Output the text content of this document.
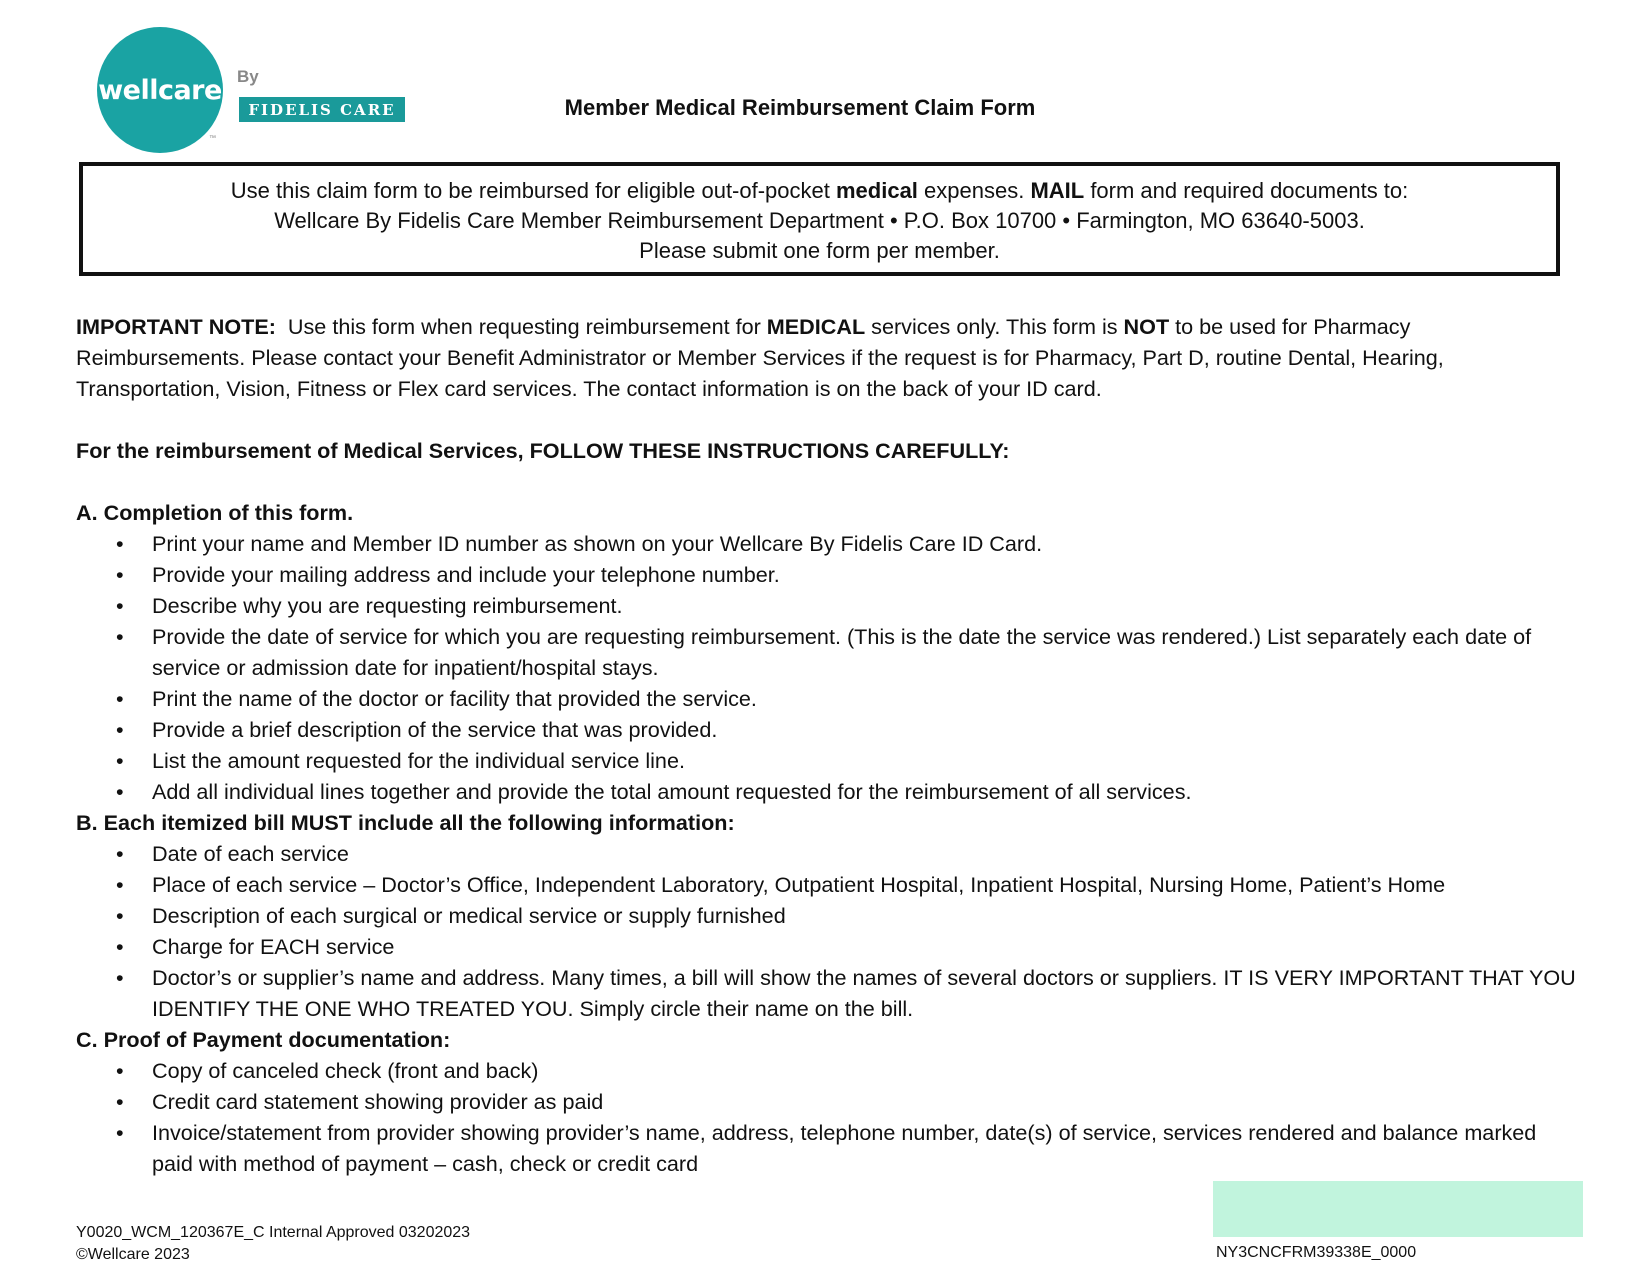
wellcare
™
By
FIDELIS CARE	Member Medical Reimbursement Claim Form
Use this claim form to be reimbursed for eligible out-of-pocket medical expenses. MAIL form and required documents to:
Wellcare By Fidelis Care Member Reimbursement Department • P.O. Box 10700 • Farmington, MO 63640-5003.
Please submit one form per member.

IMPORTANT NOTE:  Use this form when requesting reimbursement for MEDICAL services only. This form is NOT to be used for Pharmacy Reimbursements. Please contact your Benefit Administrator or Member Services if the request is for Pharmacy, Part D, routine Dental, Hearing, Transportation, Vision, Fitness or Flex card services. The contact information is on the back of your ID card.

For the reimbursement of Medical Services, FOLLOW THESE INSTRUCTIONS CAREFULLY:

A. Completion of this form.

• Print your name and Member ID number as shown on your Wellcare By Fidelis Care ID Card.
• Provide your mailing address and include your telephone number.
• Describe why you are requesting reimbursement.
• Provide the date of service for which you are requesting reimbursement. (This is the date the service was rendered.) List separately each date of service or admission date for inpatient/hospital stays.
• Print the name of the doctor or facility that provided the service.
• Provide a brief description of the service that was provided.
• List the amount requested for the individual service line.
• Add all individual lines together and provide the total amount requested for the reimbursement of all services.

B. Each itemized bill MUST include all the following information:

• Date of each service
• Place of each service – Doctor’s Office, Independent Laboratory, Outpatient Hospital, Inpatient Hospital, Nursing Home, Patient’s Home
• Description of each surgical or medical service or supply furnished
• Charge for EACH service
• Doctor’s or supplier’s name and address. Many times, a bill will show the names of several doctors or suppliers. IT IS VERY IMPORTANT THAT YOU IDENTIFY THE ONE WHO TREATED YOU. Simply circle their name on the bill.

C. Proof of Payment documentation:

• Copy of canceled check (front and back)
• Credit card statement showing provider as paid
• Invoice/statement from provider showing provider’s name, address, telephone number, date(s) of service, services rendered and balance marked paid with method of payment – cash, check or credit card
Y0020_WCM_120367E_C Internal Approved 03202023
©Wellcare 2023	NY3CNCFRM39338E_0000
